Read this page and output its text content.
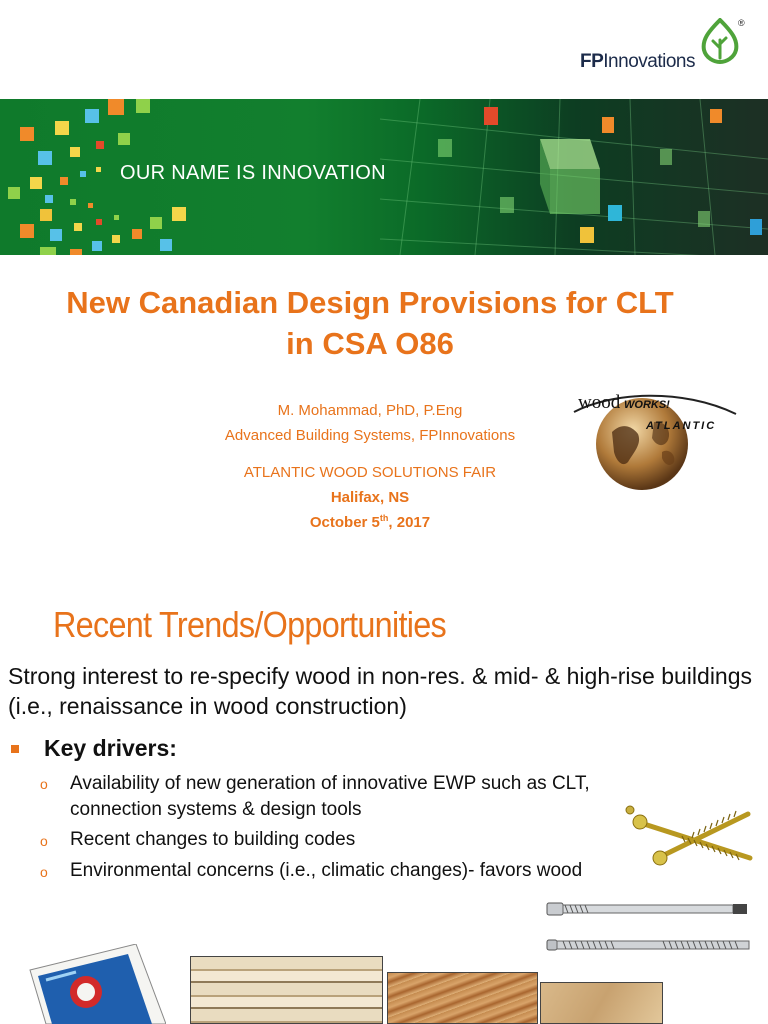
®
FPInnovations
OUR NAME IS INNOVATION
New Canadian Design Provisions for CLT
in CSA O86
M. Mohammad, PhD, P.Eng
Advanced Building Systems, FPInnovations
ATLANTIC WOOD SOLUTIONS FAIR
Halifax, NS
October 5th, 2017
wood WORKS!
ATLANTIC
Recent Trends/Opportunities
Strong interest to re-specify wood in non-res. & mid- & high-rise buildings (i.e., renaissance in wood construction)
Key drivers:
o Availability of new generation of innovative EWP such as CLT,
connection systems & design tools
o Recent changes to building codes
o Environmental concerns (i.e., climatic changes)- favors wood
